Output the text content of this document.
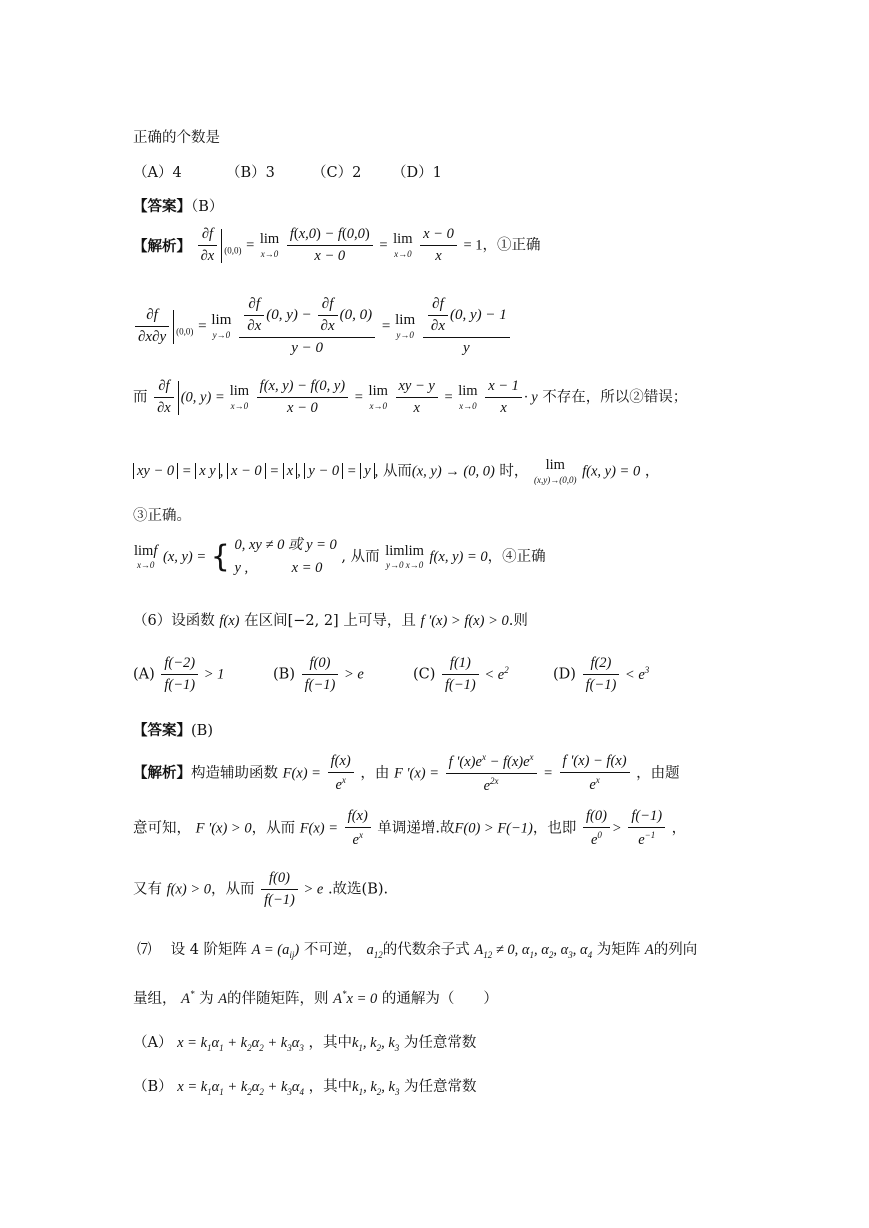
正确的个数是
（A）4	（B）3	（C）2 （D）1
【答案】（B）
【解析】 $\frac{\partial f}{\partial x} _{(0,0)} = \lim$
x→0
$\frac{f(x,0) - f(0,0)}{x - 0} = \lim$
x→0
$\frac{x - 0}{x} = 1$，①正确
$\frac{\partial f}{\partial x\partial y} _{(0,0)} = \lim$
y→0
$\frac{\frac{\partial f}{\partial x} (0, y) - \frac{\partial f}{\partial x} (0, 0)}{y - 0} = \lim$
y→0
$\frac{\frac{\partial f}{\partial x} (0, y) - 1}{y}$
而 $\frac{\partial f}{\partial x} (0$, y) = lim
x→0
$\frac{f(x, y) - f(0, y)}{x - 0} = \lim$
x→0
$\frac{xy - y}{x} = \lim$
x→0
$\frac{x - 1}{x} \cdot y$ 不存在，所以②错误；
xy − 0 = x y , x − 0 = x , y − 0 = y , 从而(x, y) → (0, 0) 时， lim
(x,y)→(0,0)
f(x, y) = 0 ，
③正确。
limf
x→0
(x, y) = { 0, xy ≠ 0 或 y = 0
y ,　　　x = 0 , 从而 limlim
y→0 x→0
f(x, y) = 0，④正确
（6）设函数 f(x) 在区间[−2, 2] 上可导，且 f '(x) > f(x) > 0.则
$(A) \frac{f(-2)}{f(-1)} > 1$	$(B) \frac{f(0)}{f(-1)} > e$	$(C) \frac{f(1)}{f(-1)} < e^2$	$(D) \frac{f(2)}{f(-1)} < e^3$
【答案】(B)
【解析】构造辅助函数 $F(x) = \frac{f(x)}{e^x}$ ，由 F '$(x) = \frac{f '(x)e^x - f(x)e^x}{e^{2x}} = \frac{f '(x) - f(x)}{e^x}$ ，由题
意可知， F '(x) > 0，从而 $F(x) = \frac{f(x)}{e^x}$ 单调递增.故F(0) > F(−1)，也即 $\frac{f(0)}{e^0} > \frac{f(-1)}{e^{-1}}$ ，
又有 f(x) > 0，从而 $\frac{f(0)}{f(-1)} > e$ .故选(B).
⑺　 设 4 阶矩阵 $A = (a_{ij})$ 不可逆， $a_{12}$的代数余子式 $A_{12} \ne 0$, $\alpha_1$, $\alpha_2$, $\alpha_3$, $\alpha_4$ 为矩阵 A的列向
量组， A* 为 A的伴随矩阵，则 A*x = 0 的通解为（　　）
（A） $x = k_1\alpha_1 + k_2\alpha_2 + k_3\alpha_3$ ，其中$k_1$, $k_2$, $k_3$ 为任意常数
（B） $x = k_1\alpha_1 + k_2\alpha_2 + k_3\alpha_4$ ，其中$k_1$, $k_2$, $k_3$ 为任意常数
